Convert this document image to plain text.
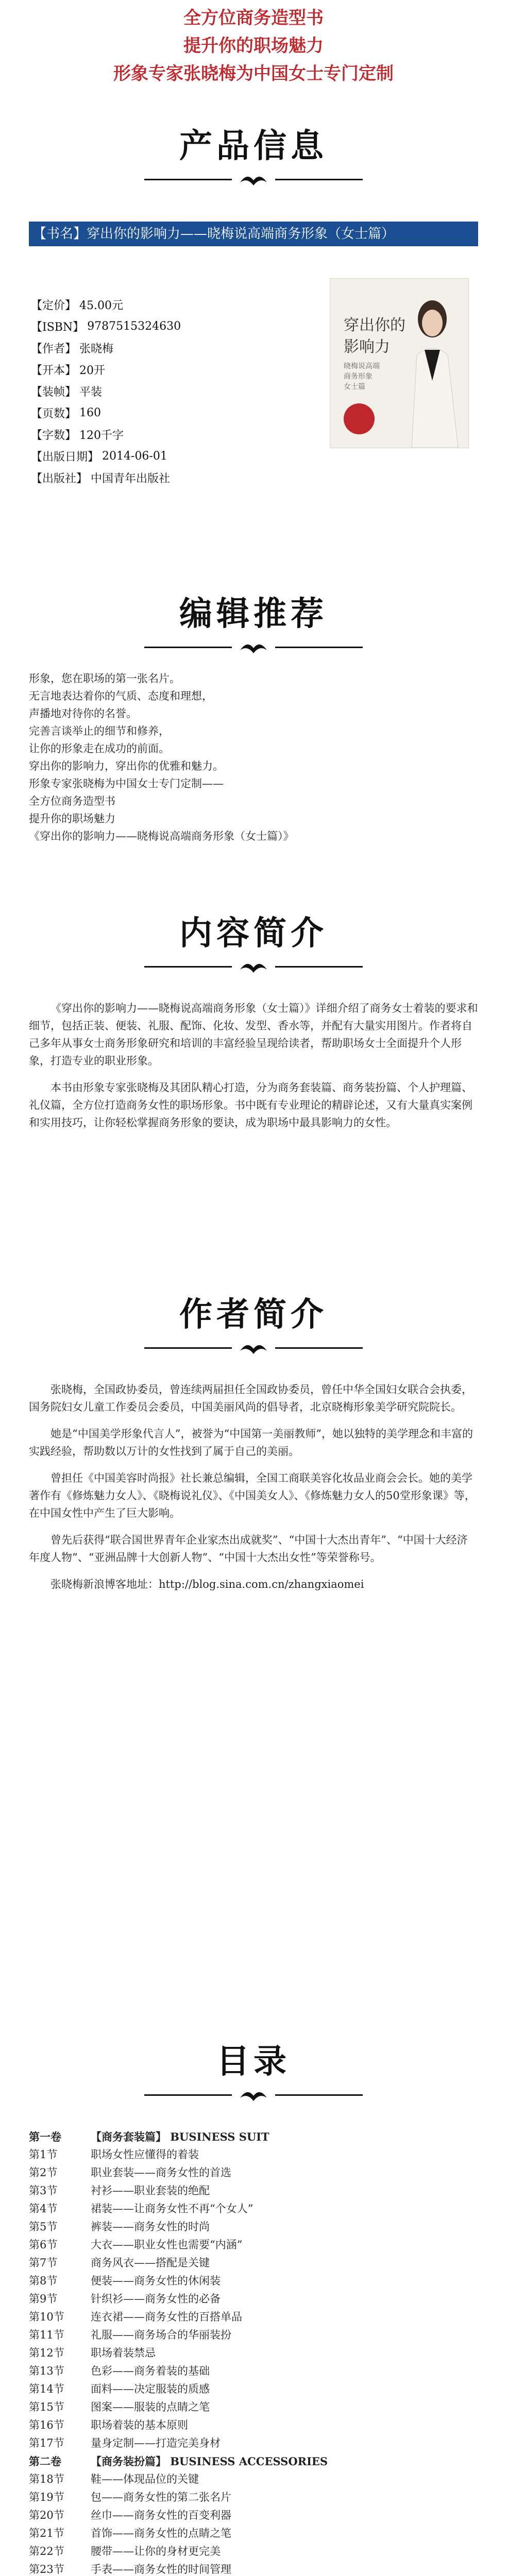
全方位商务造型书
提升你的职场魅力
形象专家张晓梅为中国女士专门定制
产品信息
【书名】穿出你的影响力——晓梅说高端商务形象（女士篇）
【定价】 45.00元
【ISBN】 9787515324630
【作者】 张晓梅
【开本】 20开
【装帧】 平装
【页数】 160
【字数】 120千字
【出版日期】 2014-06-01
【出版社】 中国青年出版社
穿出你的
影响力
晓梅说高端
商务形象
女士篇
编辑推荐

形象，您在职场的第一张名片。

无言地表达着你的气质、态度和理想，

声播地对待你的名誉。

完善言谈举止的细节和修养，

让你的形象走在成功的前面。

穿出你的影响力，穿出你的优雅和魅力。

形象专家张晓梅为中国女士专门定制——

全方位商务造型书

提升你的职场魅力

《穿出你的影响力——晓梅说高端商务形象（女士篇）》

内容简介

《穿出你的影响力——晓梅说高端商务形象（女士篇）》详细介绍了商务女士着装的要求和细节，包括正装、便装、礼服、配饰、化妆、发型、香水等，并配有大量实用图片。作者将自己多年从事女士商务形象研究和培训的丰富经验呈现给读者，帮助职场女士全面提升个人形象，打造专业的职业形象。

本书由形象专家张晓梅及其团队精心打造，分为商务套装篇、商务装扮篇、个人护理篇、礼仪篇，全方位打造商务女性的职场形象。书中既有专业理论的精辟论述，又有大量真实案例和实用技巧，让你轻松掌握商务形象的要诀，成为职场中最具影响力的女性。

作者简介

张晓梅，全国政协委员，曾连续两届担任全国政协委员，曾任中华全国妇女联合会执委，国务院妇女儿童工作委员会委员，中国美丽风尚的倡导者，北京晓梅形象美学研究院院长。

她是“中国美学形象代言人”，被誉为“中国第一美丽教师”，她以独特的美学理念和丰富的实践经验，帮助数以万计的女性找到了属于自己的美丽。

曾担任《中国美容时尚报》社长兼总编辑，全国工商联美容化妆品业商会会长。她的美学著作有《修炼魅力女人》、《晓梅说礼仪》、《中国美女人》、《修炼魅力女人的50堂形象课》等，在中国女性中产生了巨大影响。

曾先后获得“联合国世界青年企业家杰出成就奖”、“中国十大杰出青年”、“中国十大经济年度人物”、“亚洲品牌十大创新人物”、“中国十大杰出女性”等荣誉称号。

张晓梅新浪博客地址：http://blog.sina.com.cn/zhangxiaomei

目录
第一卷	【商务套装篇】 BUSINESS SUIT
第1节	职场女性应懂得的着装
第2节	职业套装——商务女性的首选
第3节	衬衫——职业套装的绝配
第4节	裙装——让商务女性不再“个女人”
第5节	裤装——商务女性的时尚
第6节	大衣——职业女性也需要“内涵”
第7节	商务风衣——搭配是关键
第8节	便装——商务女性的休闲装
第9节	针织衫——商务女性的必备
第10节	连衣裙——商务女性的百搭单品
第11节	礼服——商务场合的华丽装扮
第12节	职场着装禁忌
第13节	色彩——商务着装的基础
第14节	面料——决定服装的质感
第15节	图案——服装的点睛之笔
第16节	职场着装的基本原则
第17节	量身定制——打造完美身材
第二卷	【商务装扮篇】 BUSINESS ACCESSORIES
第18节	鞋——体现品位的关键
第19节	包——商务女性的第二张名片
第20节	丝巾——商务女性的百变利器
第21节	首饰——商务女性的点睛之笔
第22节	腰带——让你的身材更完美
第23节	手表——商务女性的时间管理
